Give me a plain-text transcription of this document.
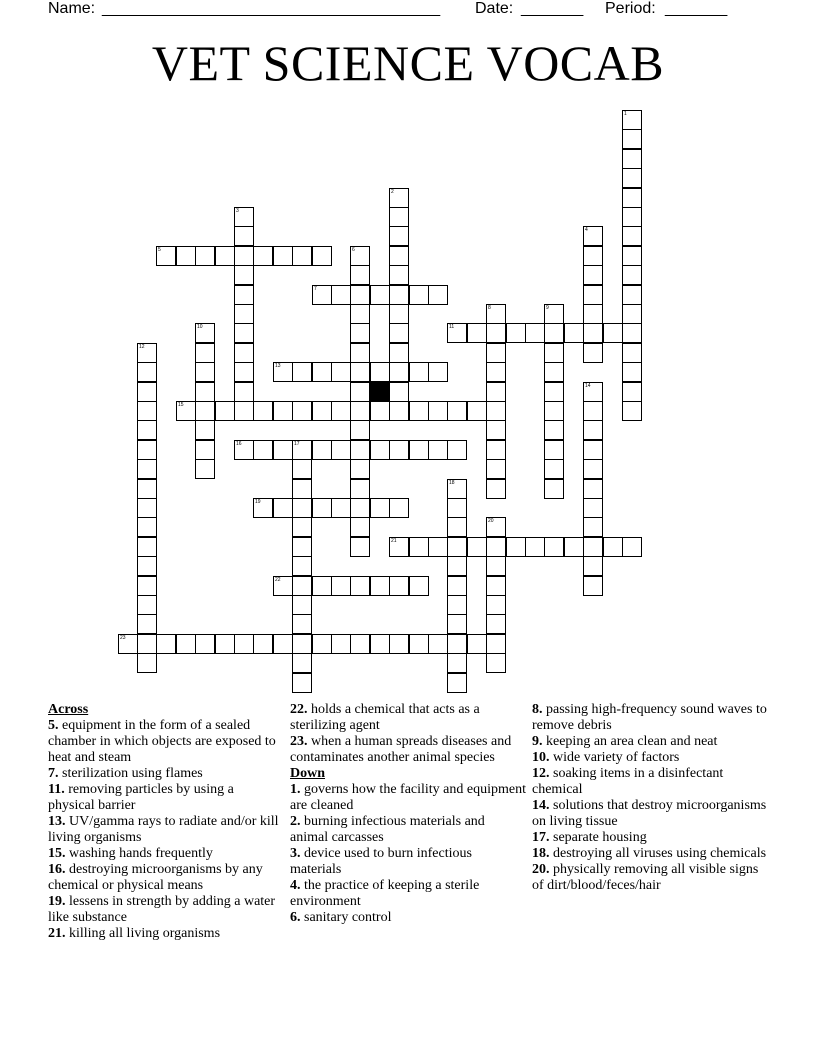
Name: ______________________________________ Date: _______ Period: _______
VET SCIENCE VOCAB
1
2
3
4
5	6
7
8	9
10	11
12
13
14
15
16	17
18
19
20
21
22
23

Across

5. equipment in the form of a sealed chamber in which objects are exposed to heat and steam

7. sterilization using flames

11. removing particles by using a physical barrier

13. UV/gamma rays to radiate and/or kill living organisms

15. washing hands frequently

16. destroying microorganisms by any chemical or physical means

19. lessens in strength by adding a water like substance

21. killing all living organisms

22. holds a chemical that acts as a sterilizing agent

23. when a human spreads diseases and contaminates another animal species

Down

1. governs how the facility and equipment are cleaned

2. burning infectious materials and animal carcasses

3. device used to burn infectious materials

4. the practice of keeping a sterile environment

6. sanitary control

8. passing high-frequency sound waves to remove debris

9. keeping an area clean and neat

10. wide variety of factors

12. soaking items in a disinfectant chemical

14. solutions that destroy microorganisms on living tissue

17. separate housing

18. destroying all viruses using chemicals

20. physically removing all visible signs of dirt/blood/feces/hair
